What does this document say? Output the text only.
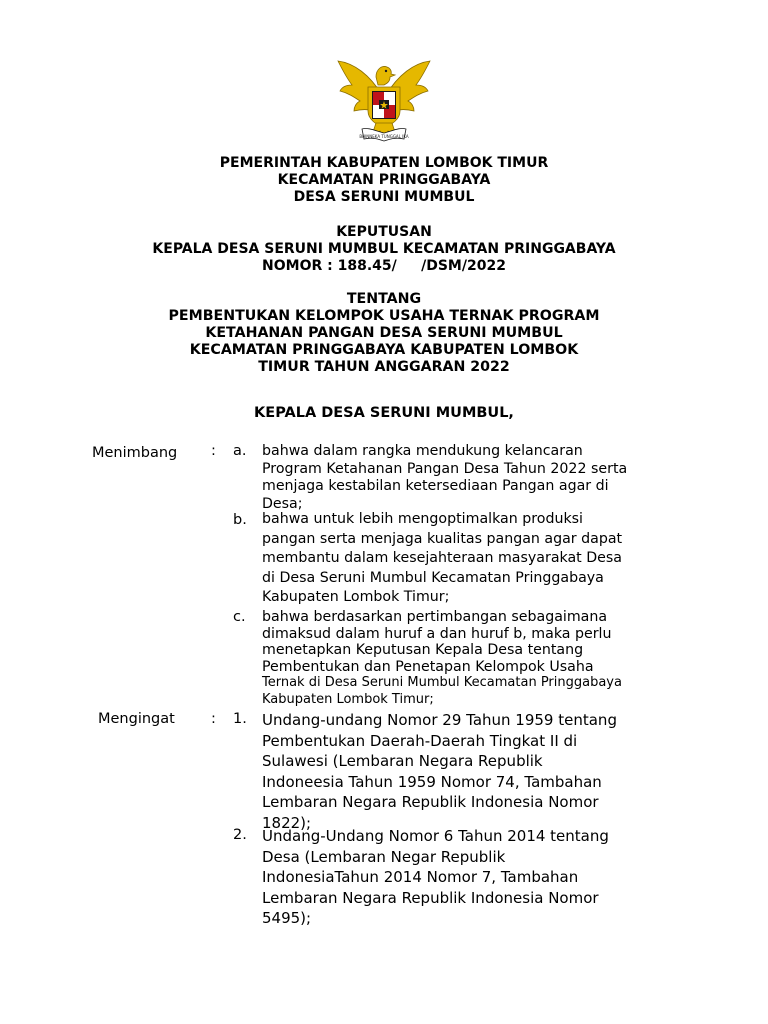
BHINNEKA TUNGGAL IKA
PEMERINTAH KABUPATEN LOMBOK TIMUR
KECAMATAN PRINGGABAYA
DESA SERUNI MUMBUL
KEPUTUSAN
KEPALA DESA SERUNI MUMBUL KECAMATAN PRINGGABAYA
NOMOR : 188.45/     /DSM/2022
TENTANG
PEMBENTUKAN KELOMPOK USAHA TERNAK PROGRAM
KETAHANAN PANGAN DESA SERUNI MUMBUL
KECAMATAN PRINGGABAYA KABUPATEN LOMBOK
TIMUR TAHUN ANGGARAN 2022
KEPALA DESA SERUNI MUMBUL,
Menimbang : a. bahwa dalam rangka mendukung kelancaran
Program Ketahanan Pangan Desa Tahun 2022 serta
menjaga kestabilan ketersediaan Pangan agar di
Desa;
b. bahwa untuk lebih mengoptimalkan produksi
pangan serta menjaga kualitas pangan agar dapat
membantu dalam kesejahteraan masyarakat Desa
di Desa Seruni Mumbul Kecamatan Pringgabaya
Kabupaten Lombok Timur;
c. bahwa berdasarkan pertimbangan sebagaimana
dimaksud dalam huruf a dan huruf b, maka perlu
menetapkan Keputusan Kepala Desa tentang
Pembentukan dan Penetapan Kelompok Usaha
Ternak di Desa Seruni Mumbul Kecamatan Pringgabaya
Kabupaten Lombok Timur;
Mengingat : 1. Undang-undang Nomor 29 Tahun 1959 tentang
Pembentukan Daerah-Daerah Tingkat II di
Sulawesi (Lembaran Negara Republik
Indoneesia Tahun 1959 Nomor 74, Tambahan
Lembaran Negara Republik Indonesia Nomor
1822);
2. Undang-Undang Nomor 6 Tahun 2014 tentang
Desa (Lembaran Negar Republik
IndonesiaTahun 2014 Nomor 7, Tambahan
Lembaran Negara Republik Indonesia Nomor
5495);
